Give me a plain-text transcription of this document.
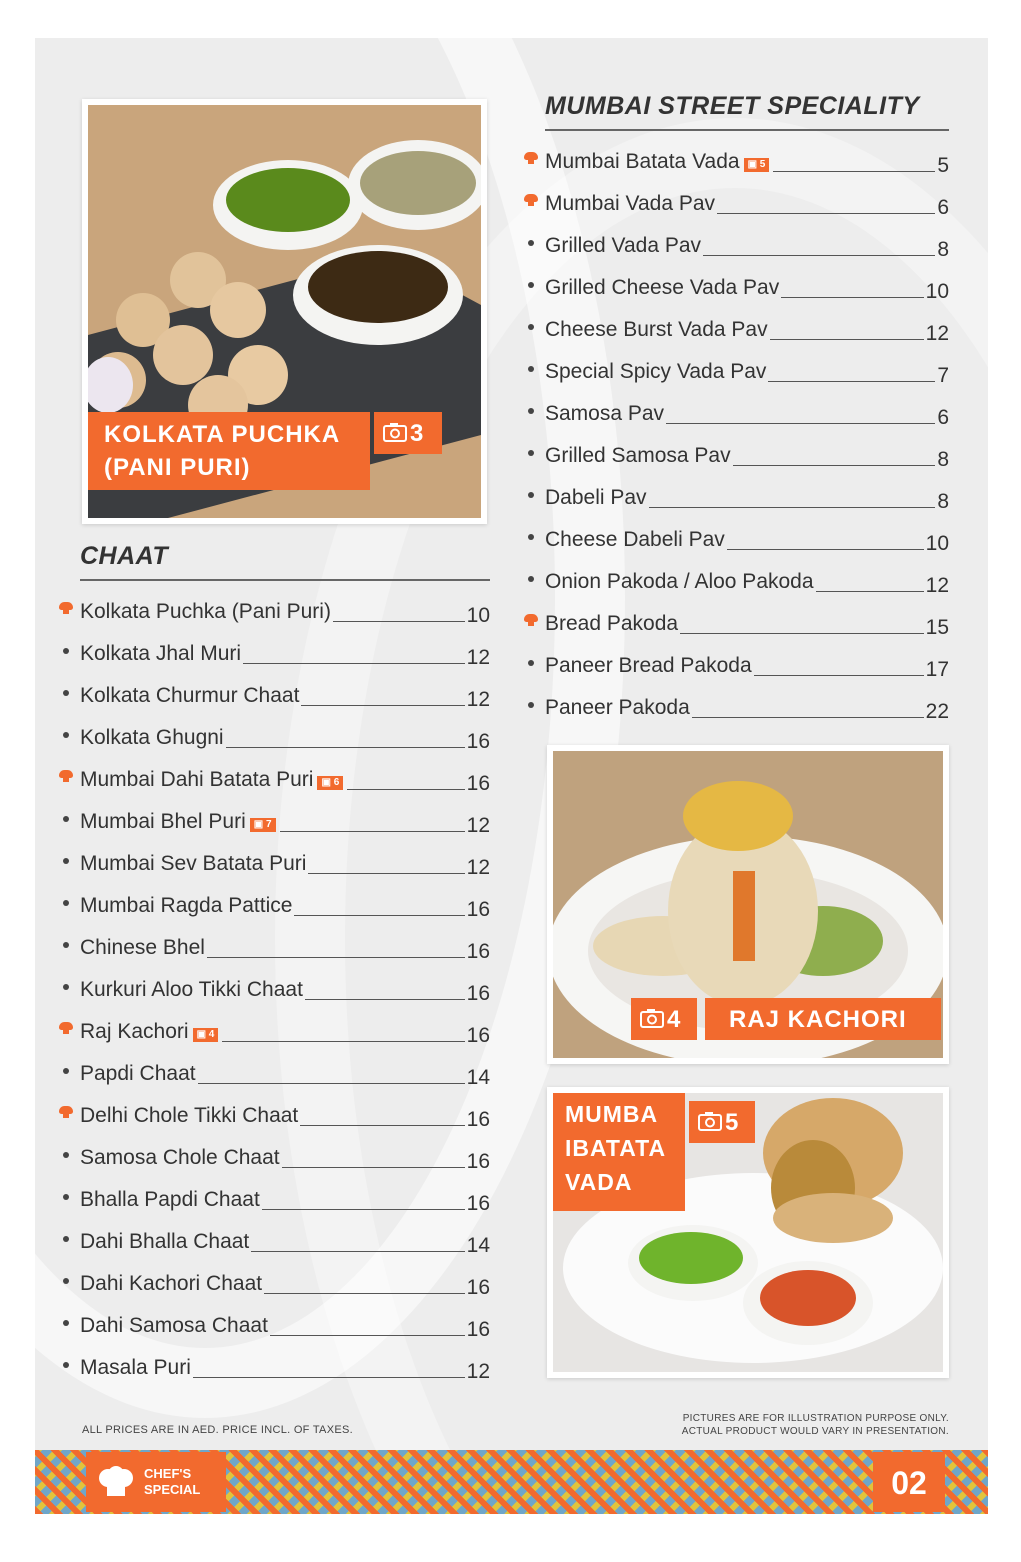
KOLKATA PUCHKA
(PANI PURI)
3
CHAAT
Kolkata Puchka (Pani Puri)	10
Kolkata Jhal Muri	12
Kolkata Churmur Chaat	12
Kolkata Ghugni	16
Mumbai Dahi Batata Puri ▣ 6	16
Mumbai Bhel Puri ▣ 7	12
Mumbai Sev Batata Puri	12
Mumbai Ragda Pattice	16
Chinese Bhel	16
Kurkuri Aloo Tikki Chaat	16
Raj Kachori ▣ 4	16
Papdi Chaat	14
Delhi Chole Tikki Chaat	16
Samosa Chole Chaat	16
Bhalla Papdi Chaat	16
Dahi Bhalla Chaat	14
Dahi Kachori Chaat	16
Dahi Samosa Chaat	16
Masala Puri	12
MUMBAI STREET SPECIALITY
Mumbai Batata Vada ▣ 5	5
Mumbai Vada Pav	6
Grilled Vada Pav	8
Grilled Cheese Vada Pav	10
Cheese Burst Vada Pav	12
Special Spicy Vada Pav	7
Samosa Pav	6
Grilled Samosa Pav	8
Dabeli Pav	8
Cheese Dabeli Pav	10
Onion Pakoda / Aloo Pakoda	12
Bread Pakoda	15
Paneer Bread Pakoda	17
Paneer Pakoda	22
4 RAJ KACHORI
MUMBA
IBATATA
VADA
5
ALL PRICES ARE IN AED. PRICE INCL. OF TAXES.
PICTURES ARE FOR ILLUSTRATION PURPOSE ONLY.
ACTUAL PRODUCT WOULD VARY IN PRESENTATION.
CHEF'S
SPECIAL	02
